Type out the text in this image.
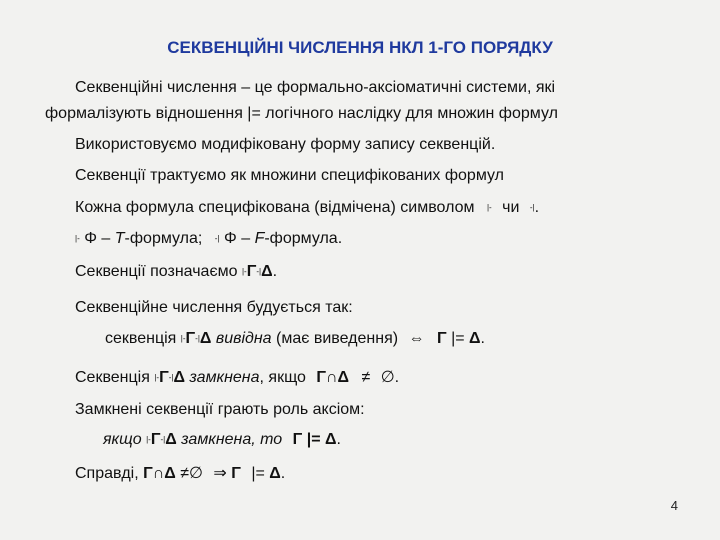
СЕКВЕНЦІЙНІ ЧИСЛЕННЯ НКЛ 1-ГО ПОРЯДКУ
Секвенційні числення – це формально-аксіоматичні системи, які
формалізують відношення |= логічного наслідку для множин формул
Використовуємо модифіковану форму запису секвенцій.
Секвенції трактуємо як множини специфікованих формул
Кожна формула специфікована (відмічена) символом |- чи -|.
|- Φ – T-формула; -| Φ – F-формула.
Секвенції позначаємо |-Γ-|Δ.
Секвенційне числення будується так:
секвенція |-Γ-|Δ вивідна (має виведення) ⇔ Γ |= Δ.
Секвенція |-Γ-|Δ замкнена, якщо Γ∩Δ ≠ ∅.
Замкнені секвенції грають роль аксіом:
якщо |-Γ-|Δ замкнена, то Γ |= Δ.
Справді, Γ∩Δ ≠∅ ⇒ Γ |= Δ.
4
